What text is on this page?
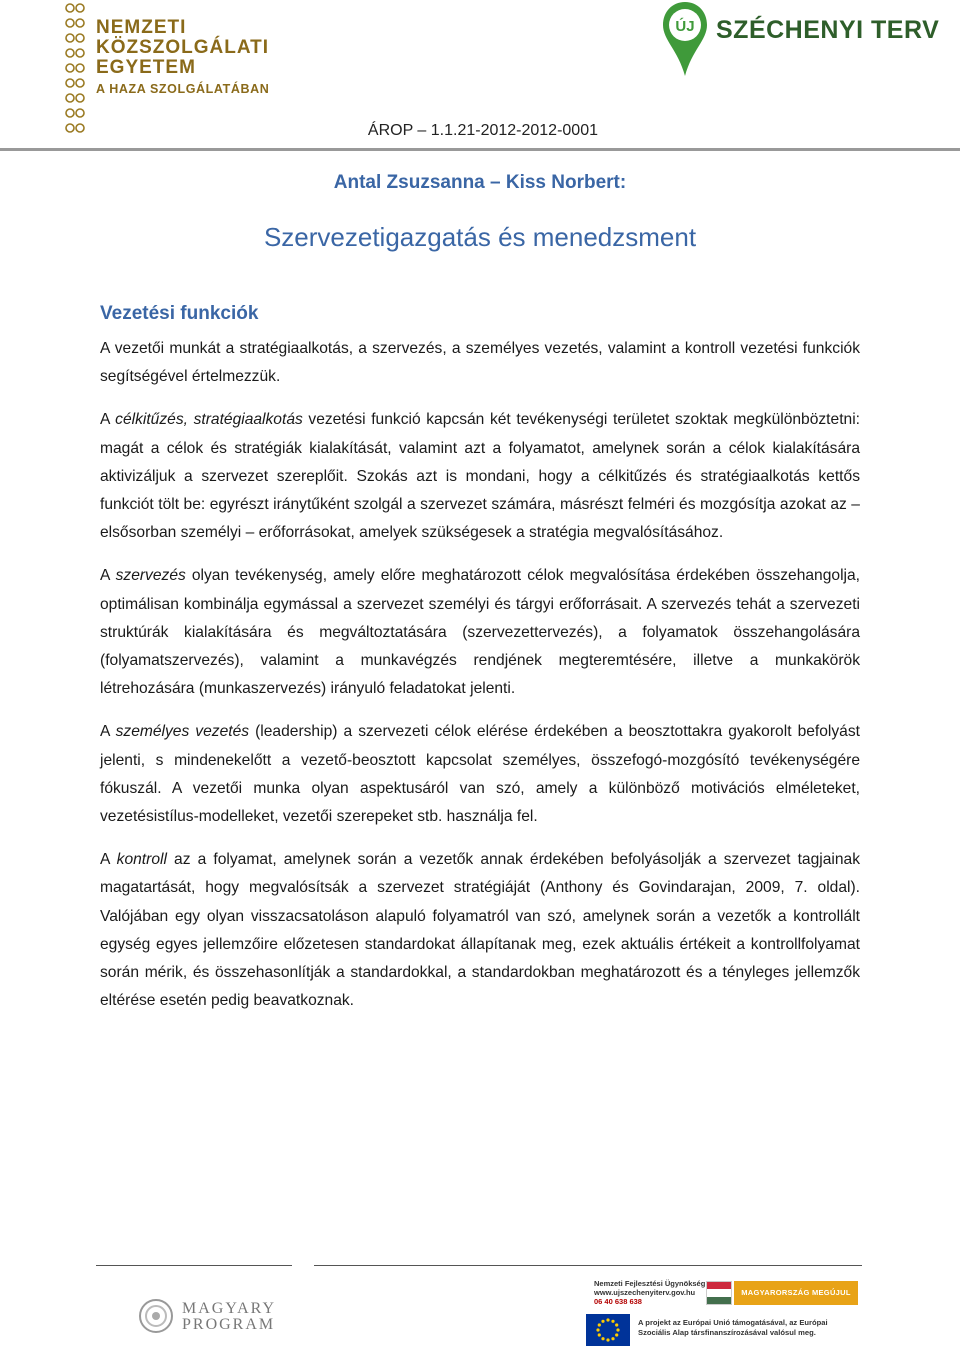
NEMZETI
KÖZSZOLGÁLATI
EGYETEM
A HAZA SZOLGÁLATÁBAN
ÚJ SZÉCHENYI TERV
ÁROP – 1.1.21-2012-2012-0001
Antal Zsuzsanna – Kiss Norbert:
Szervezetigazgatás és menedzsment
Vezetési funkciók

A vezetői munkát a stratégiaalkotás, a szervezés, a személyes vezetés, valamint a kontroll vezetési funkciók segítségével értelmezzük.

A célkitűzés, stratégiaalkotás vezetési funkció kapcsán két tevékenységi területet szoktak megkülönböztetni: magát a célok és stratégiák kialakítását, valamint azt a folyamatot, amelynek során a célok kialakítására aktivizáljuk a szervezet szereplőit. Szokás azt is mondani, hogy a célkitűzés és stratégiaalkotás kettős funkciót tölt be: egyrészt iránytűként szolgál a szervezet számára, másrészt felméri és mozgósítja azokat az – elsősorban személyi – erőforrásokat, amelyek szükségesek a stratégia megvalósításához.

A szervezés olyan tevékenység, amely előre meghatározott célok megvalósítása érdekében összehangolja, optimálisan kombinálja egymással a szervezet személyi és tárgyi erőforrásait. A szervezés tehát a szervezeti struktúrák kialakítására és megváltoztatására (szervezettervezés), a folyamatok összehangolására (folyamatszervezés), valamint a munkavégzés rendjének megteremtésére, illetve a munkakörök létrehozására (munkaszervezés) irányuló feladatokat jelenti.

A személyes vezetés (leadership) a szervezeti célok elérése érdekében a beosztottakra gyakorolt befolyást jelenti, s mindenekelőtt a vezető-beosztott kapcsolat személyes, összefogó-mozgósító tevékenységére fókuszál. A vezetői munka olyan aspektusáról van szó, amely a különböző motivációs elméleteket, vezetésistílus-modelleket, vezetői szerepeket stb. használja fel.

A kontroll az a folyamat, amelynek során a vezetők annak érdekében befolyásolják a szervezet tagjainak magatartását, hogy megvalósítsák a szervezet stratégiáját (Anthony és Govindarajan, 2009, 7. oldal). Valójában egy olyan visszacsatoláson alapuló folyamatról van szó, amelynek során a vezetők a kontrollált egység egyes jellemzőire előzetesen standardokat állapítanak meg, ezek aktuális értékeit a kontrollfolyamat során mérik, és összehasonlítják a standardokkal, a standardokban meghatározott és a tényleges jellemzők eltérése esetén pedig beavatkoznak.

MAGYARY
PROGRAM
Nemzeti Fejlesztési Ügynökség
www.ujszechenyiterv.gov.hu
06 40 638 638
MAGYARORSZÁG MEGÚJUL
A projekt az Európai Unió támogatásával, az Európai
Szociális Alap társfinanszírozásával valósul meg.
